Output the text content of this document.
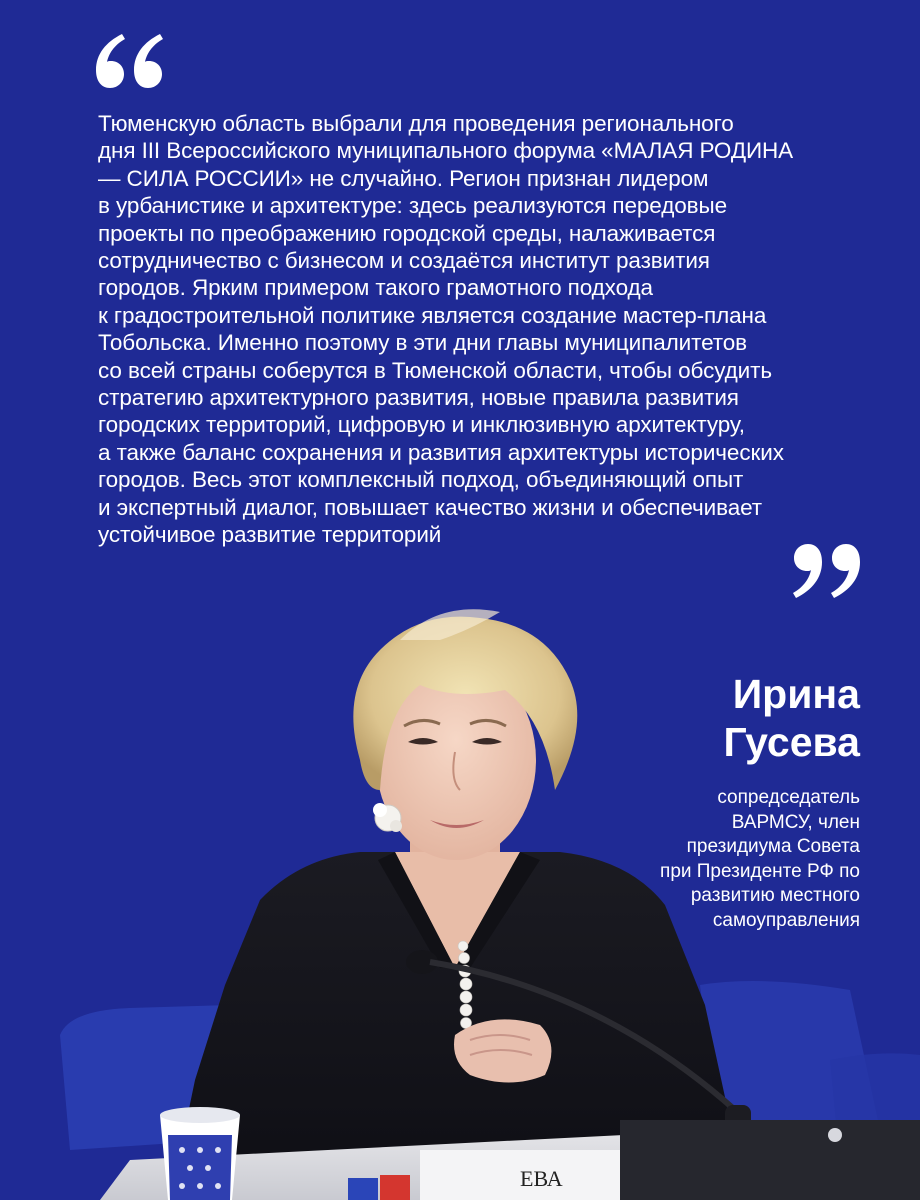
Тюменскую область выбрали для проведения регионального
дня III Всероссийского муниципального форума «МАЛАЯ РОДИНА
— СИЛА РОССИИ» не случайно. Регион признан лидером
в урбанистике и архитектуре: здесь реализуются передовые
проекты по преображению городской среды, налаживается
сотрудничество с бизнесом и создаётся институт развития
городов. Ярким примером такого грамотного подхода
к градостроительной политике является создание мастер-плана
Тобольска. Именно поэтому в эти дни главы муниципалитетов
со всей страны соберутся в Тюменской области, чтобы обсудить
стратегию архитектурного развития, новые правила развития
городских территорий, цифровую и инклюзивную архитектуру,
а также баланс сохранения и развития архитектуры исторических
городов. Весь этот комплексный подход, объединяющий опыт
и экспертный диалог, повышает качество жизни и обеспечивает
устойчивое развитие территорий

ЕВА
Ирина
Гусева

сопредседатель
ВАРМСУ, член
президиума Совета
при Президенте РФ по
развитию местного
самоуправления
